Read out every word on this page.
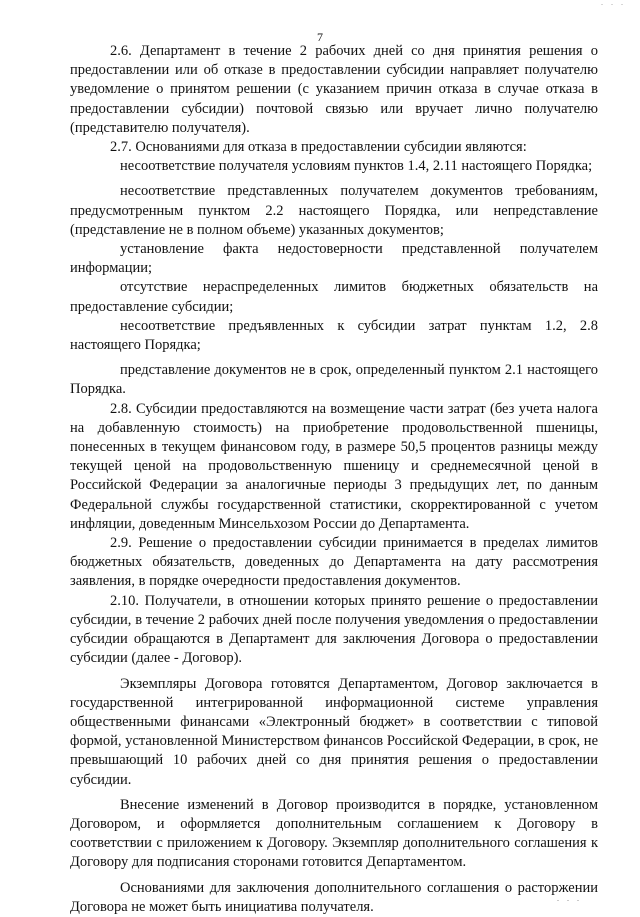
. . .
7

2.6. Департамент в течение 2 рабочих дней со дня принятия решения о предоставлении или об отказе в предоставлении субсидии направляет получателю уведомление о принятом решении (с указанием причин отказа в случае отказа в предоставлении субсидии) почтовой связью или вручает лично получателю (представителю получателя).

2.7. Основаниями для отказа в предоставлении субсидии являются:

несоответствие получателя условиям пунктов 1.4, 2.11 настоящего Порядка;

несоответствие представленных получателем документов требованиям, предусмотренным пунктом 2.2 настоящего Порядка, или непредставление (представление не в полном объеме) указанных документов;

установление факта недостоверности представленной получателем информации;

отсутствие нераспределенных лимитов бюджетных обязательств на предоставление субсидии;

несоответствие предъявленных к субсидии затрат пунктам 1.2, 2.8 настоящего Порядка;

представление документов не в срок, определенный пунктом 2.1 настоящего Порядка.

2.8. Субсидии предоставляются на возмещение части затрат (без учета налога на добавленную стоимость) на приобретение продовольственной пшеницы, понесенных в текущем финансовом году, в размере 50,5 процентов разницы между текущей ценой на продовольственную пшеницу и среднемесячной ценой в Российской Федерации за аналогичные периоды 3 предыдущих лет, по данным Федеральной службы государственной статистики, скорректированной с учетом инфляции, доведенным Минсельхозом России до Департамента.

2.9. Решение о предоставлении субсидии принимается в пределах лимитов бюджетных обязательств, доведенных до Департамента на дату рассмотрения заявления, в порядке очередности предоставления документов.

2.10. Получатели, в отношении которых принято решение о предоставлении субсидии, в течение 2 рабочих дней после получения уведомления о предоставлении субсидии обращаются в Департамент для заключения Договора о предоставлении субсидии (далее - Договор).

Экземпляры Договора готовятся Департаментом, Договор заключается в государственной интегрированной информационной системе управления общественными финансами «Электронный бюджет» в соответствии с типовой формой, установленной Министерством финансов Российской Федерации, в срок, не превышающий 10 рабочих дней со дня принятия решения о предоставлении субсидии.

Внесение изменений в Договор производится в порядке, установленном Договором, и оформляется дополнительным соглашением к Договору в соответствии с приложением к Договору. Экземпляр дополнительного соглашения к Договору для подписания сторонами готовится Департаментом.

Основаниями для заключения дополнительного соглашения о расторжении Договора не может быть инициатива получателя.

. . .
